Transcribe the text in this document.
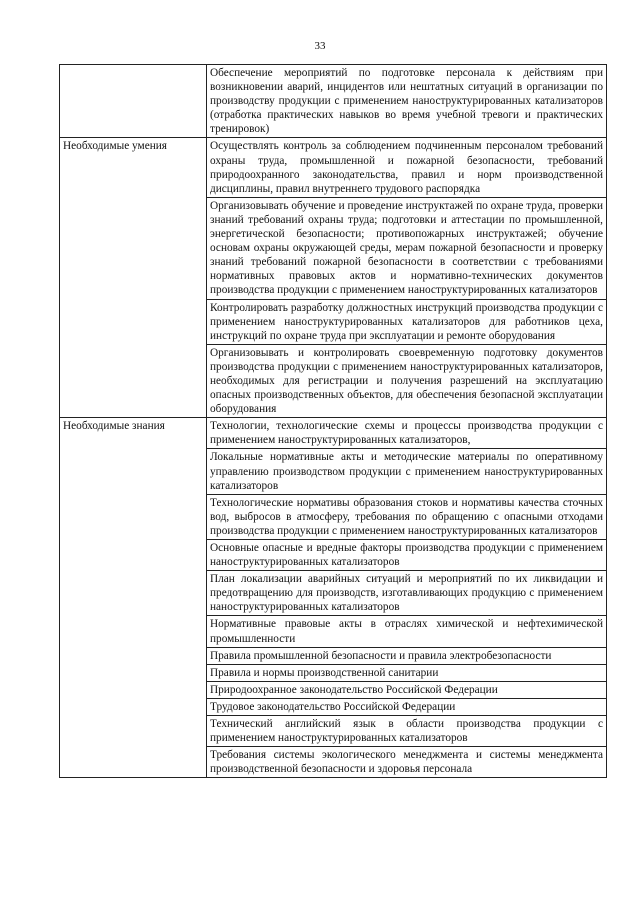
33
	Обеспечение мероприятий по подготовке персонала к действиям при возникновении аварий, инцидентов или нештатных ситуаций в организации по производству продукции с применением наноструктурированных катализаторов (отработка практических навыков во время учебной тревоги и практических тренировок)
Необходимые умения	Осуществлять контроль за соблюдением подчиненным персоналом требований охраны труда, промышленной и пожарной безопасности, требований природоохранного законодательства, правил и норм производственной дисциплины, правил внутреннего трудового распорядка
	Организовывать обучение и проведение инструктажей по охране труда, проверки знаний требований охраны труда; подготовки и аттестации по промышленной, энергетической безопасности; противопожарных инструктажей; обучение основам охраны окружающей среды, мерам пожарной безопасности и проверку знаний требований пожарной безопасности в соответствии с требованиями нормативных правовых актов и нормативно-технических документов производства продукции с применением наноструктурированных катализаторов
	Контролировать разработку должностных инструкций производства продукции с применением наноструктурированных катализаторов для работников цеха, инструкций по охране труда при эксплуатации и ремонте оборудования
	Организовывать и контролировать своевременную подготовку документов производства продукции с применением наноструктурированных катализаторов, необходимых для регистрации и получения разрешений на эксплуатацию опасных производственных объектов, для обеспечения безопасной эксплуатации оборудования
Необходимые знания	Технологии, технологические схемы и процессы производства продукции с применением наноструктурированных катализаторов,
	Локальные нормативные акты и методические материалы по оперативному управлению производством продукции с применением наноструктурированных катализаторов
	Технологические нормативы образования стоков и нормативы качества сточных вод, выбросов в атмосферу, требования по обращению с опасными отходами производства продукции с применением наноструктурированных катализаторов
	Основные опасные и вредные факторы производства продукции с применением наноструктурированных катализаторов
	План локализации аварийных ситуаций и мероприятий по их ликвидации и предотвращению для производств, изготавливающих продукцию с применением наноструктурированных катализаторов
	Нормативные правовые акты в отраслях химической и нефтехимической промышленности
	Правила промышленной безопасности и правила электробезопасности
	Правила и нормы производственной санитарии
	Природоохранное законодательство Российской Федерации
	Трудовое законодательство Российской Федерации
	Технический английский язык в области производства продукции с применением наноструктурированных катализаторов
	Требования системы экологического менеджмента и системы менеджмента производственной безопасности и здоровья персонала
